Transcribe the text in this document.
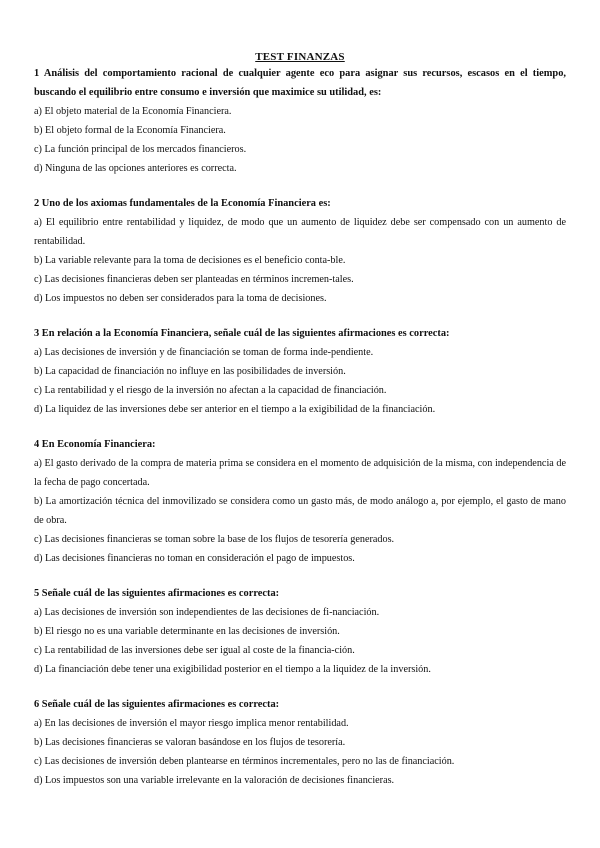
TEST FINANZAS
1 Análisis del comportamiento racional de cualquier agente eco para asignar sus recursos, escasos en el tiempo, buscando el equilibrio entre consumo e inversión que maximice su utilidad, es:
a) El objeto material de la Economía Financiera.
b) El objeto formal de la Economía Financiera.
c) La función principal de los mercados financieros.
d) Ninguna de las opciones anteriores es correcta.
2 Uno de los axiomas fundamentales de la Economía Financiera es:
a) El equilibrio entre rentabilidad y liquidez, de modo que un aumento de liquidez debe ser compensado con un aumento de rentabilidad.
b) La variable relevante para la toma de decisiones es el beneficio conta-ble.
c) Las decisiones financieras deben ser planteadas en términos incremen-tales.
d) Los impuestos no deben ser considerados para la toma de decisiones.
3 En relación a la Economía Financiera, señale cuál de las siguientes afirmaciones es correcta:
a) Las decisiones de inversión y de financiación se toman de forma inde-pendiente.
b) La capacidad de financiación no influye en las posibilidades de inversión.
c) La rentabilidad y el riesgo de la inversión no afectan a la capacidad de financiación.
d) La liquidez de las inversiones debe ser anterior en el tiempo a la exigibilidad de la financiación.
4 En Economía Financiera:
a) El gasto derivado de la compra de materia prima se considera en el momento de adquisición de la misma, con independencia de la fecha de pago concertada.
b) La amortización técnica del inmovilizado se considera como un gasto más, de modo análogo a, por ejemplo, el gasto de mano de obra.
c) Las decisiones financieras se toman sobre la base de los flujos de tesorería generados.
d) Las decisiones financieras no toman en consideración el pago de impuestos.
5 Señale cuál de las siguientes afirmaciones es correcta:
a) Las decisiones de inversión son independientes de las decisiones de fi-nanciación.
b) El riesgo no es una variable determinante en las decisiones de inversión.
c) La rentabilidad de las inversiones debe ser igual al coste de la financia-ción.
d) La financiación debe tener una exigibilidad posterior en el tiempo a la liquidez de la inversión.
6 Señale cuál de las siguientes afirmaciones es correcta:
a) En las decisiones de inversión el mayor riesgo implica menor rentabilidad.
b) Las decisiones financieras se valoran basándose en los flujos de tesorería.
c) Las decisiones de inversión deben plantearse en términos incrementales, pero no las de financiación.
d) Los impuestos son una variable irrelevante en la valoración de decisiones financieras.
